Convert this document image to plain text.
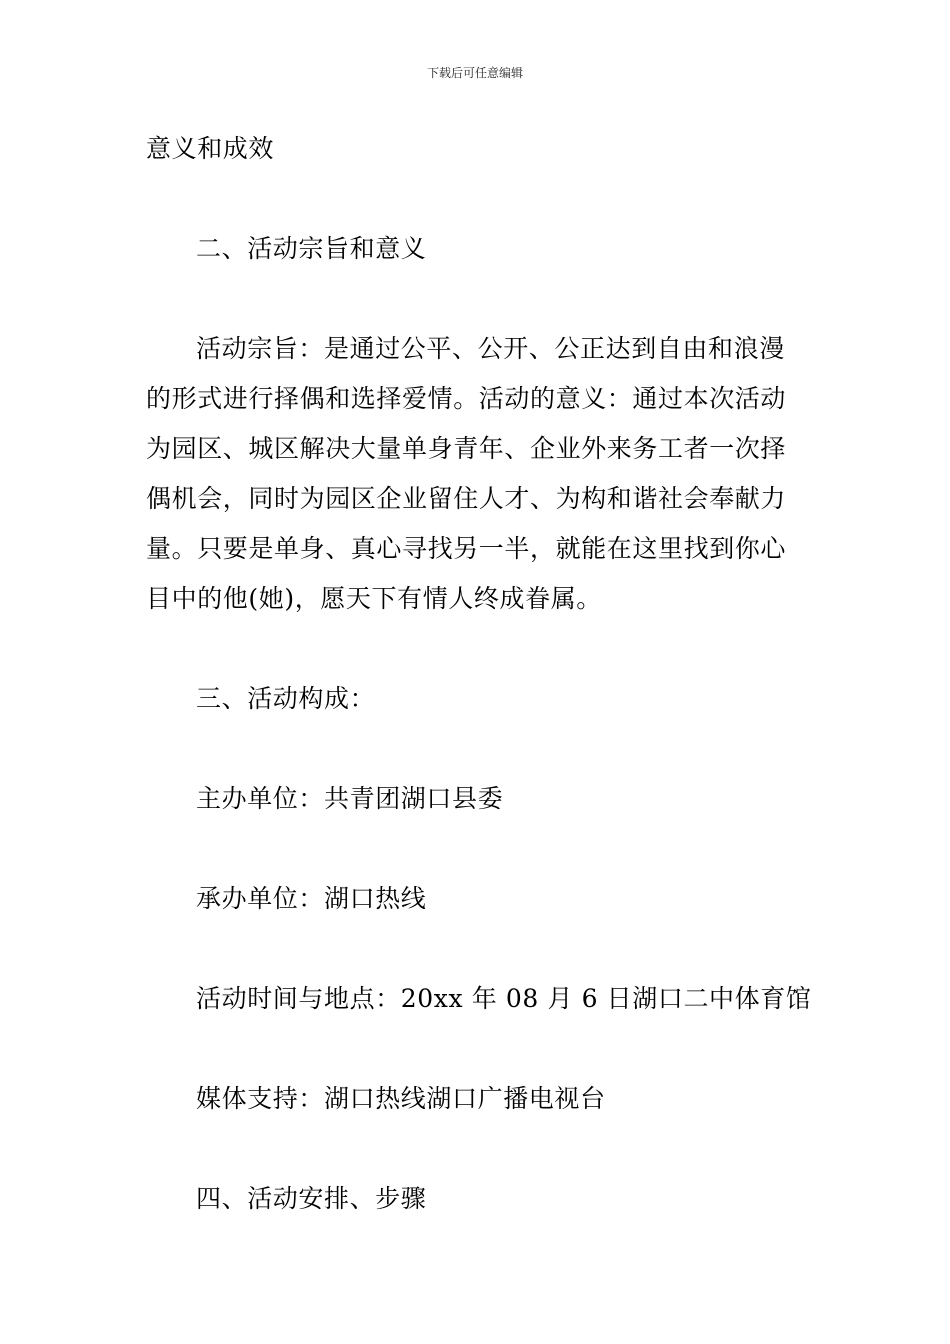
下载后可任意编辑
意义和成效
二、活动宗旨和意义
活动宗旨：是通过公平、公开、公正达到自由和浪漫
的形式进行择偶和选择爱情。活动的意义：通过本次活动
为园区、城区解决大量单身青年、企业外来务工者一次择
偶机会，同时为园区企业留住人才、为构和谐社会奉献力
量。只要是单身、真心寻找另一半，就能在这里找到你心
目中的他(她)，愿天下有情人终成眷属。
三、活动构成：
主办单位：共青团湖口县委
承办单位：湖口热线
活动时间与地点：20xx 年 08 月 6 日湖口二中体育馆
媒体支持：湖口热线湖口广播电视台
四、活动安排、步骤
